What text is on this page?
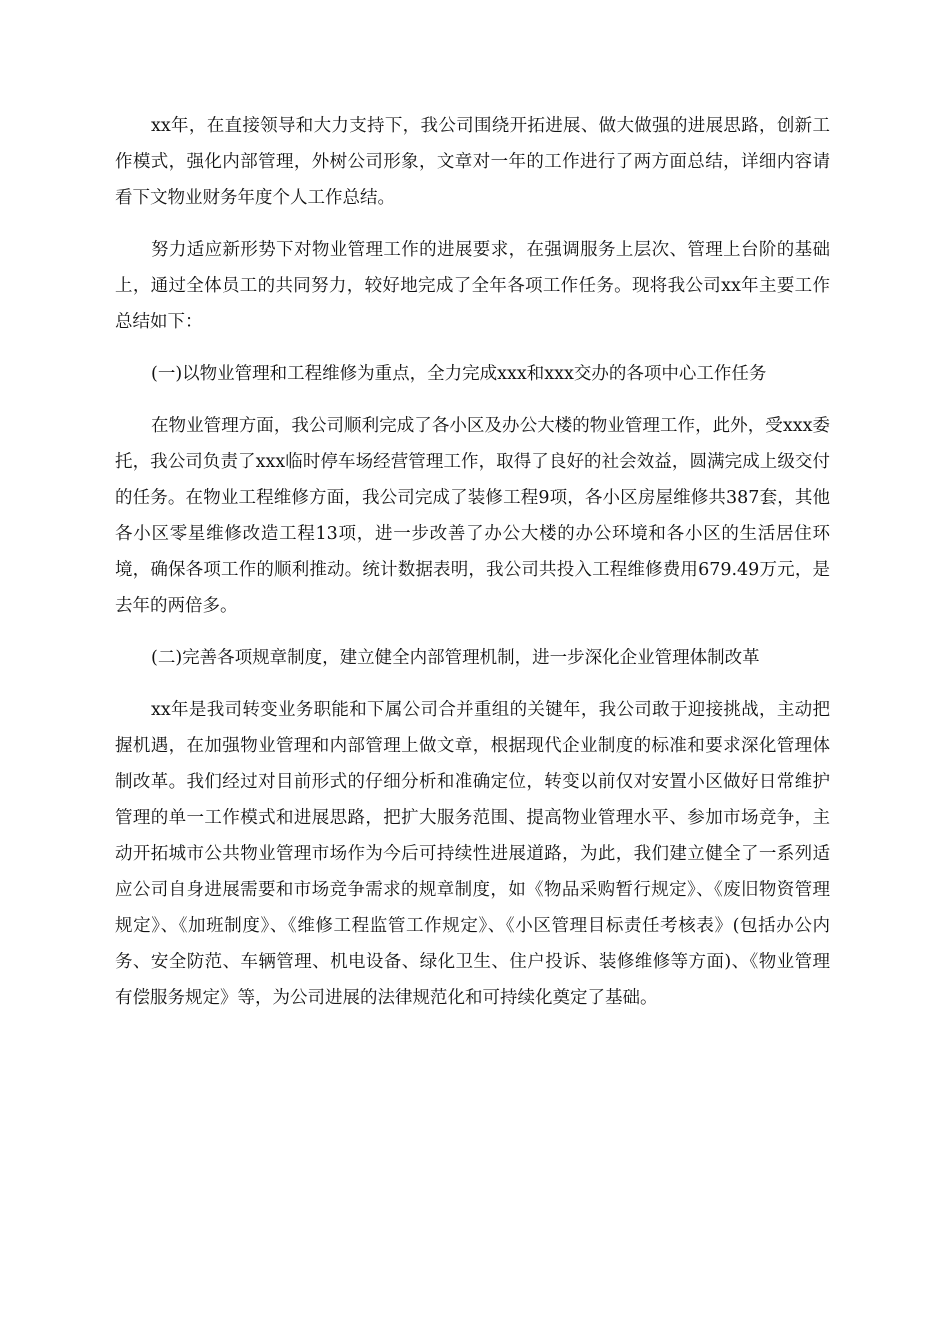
xx年，在直接领导和大力支持下，我公司围绕开拓进展、做大做强的进展思路，创新工作模式，强化内部管理，外树公司形象，文章对一年的工作进行了两方面总结，详细内容请看下文物业财务年度个人工作总结。

努力适应新形势下对物业管理工作的进展要求，在强调服务上层次、管理上台阶的基础上，通过全体员工的共同努力，较好地完成了全年各项工作任务。现将我公司xx年主要工作总结如下：

(一)以物业管理和工程维修为重点，全力完成xxx和xxx交办的各项中心工作任务

在物业管理方面，我公司顺利完成了各小区及办公大楼的物业管理工作，此外，受xxx委托，我公司负责了xxx临时停车场经营管理工作，取得了良好的社会效益，圆满完成上级交付的任务。在物业工程维修方面，我公司完成了装修工程9项，各小区房屋维修共387套，其他各小区零星维修改造工程13项，进一步改善了办公大楼的办公环境和各小区的生活居住环境，确保各项工作的顺利推动。统计数据表明，我公司共投入工程维修费用679.49万元，是去年的两倍多。

(二)完善各项规章制度，建立健全内部管理机制，进一步深化企业管理体制改革

xx年是我司转变业务职能和下属公司合并重组的关键年，我公司敢于迎接挑战，主动把握机遇，在加强物业管理和内部管理上做文章，根据现代企业制度的标准和要求深化管理体制改革。我们经过对目前形式的仔细分析和准确定位，转变以前仅对安置小区做好日常维护管理的单一工作模式和进展思路，把扩大服务范围、提高物业管理水平、参加市场竞争，主动开拓城市公共物业管理市场作为今后可持续性进展道路，为此，我们建立健全了一系列适应公司自身进展需要和市场竞争需求的规章制度，如《物品采购暂行规定》、《废旧物资管理规定》、《加班制度》、《维修工程监管工作规定》、《小区管理目标责任考核表》(包括办公内务、安全防范、车辆管理、机电设备、绿化卫生、住户投诉、装修维修等方面)、《物业管理有偿服务规定》等，为公司进展的法律规范化和可持续化奠定了基础。
